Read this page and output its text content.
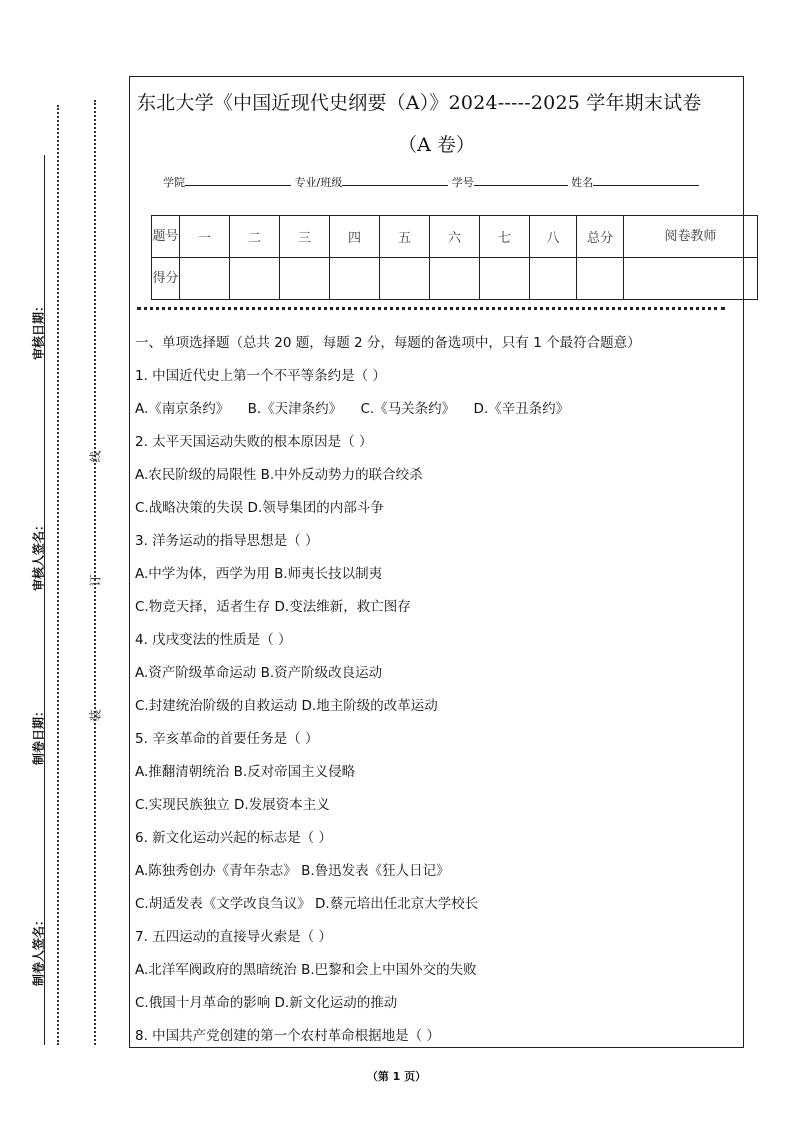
审核日期：
审核人签名：
制卷日期：
制卷人签名：
线
订
装
东北大学《中国近现代史纲要（A）》2024-----2025 学年期末试卷
（A 卷）
学院	专业/班级	学号	姓名
题号	一	二	三	四	五	六	七	八	总分	阅卷教师
得分										
一、单项选择题（总共 20 题，每题 2 分，每题的备选项中，只有 1 个最符合题意）
1. 中国近代史上第一个不平等条约是（ ）
A.《南京条约》 B.《天津条约》 C.《马关条约》 D.《辛丑条约》
2. 太平天国运动失败的根本原因是（ ）
A.农民阶级的局限性 B.中外反动势力的联合绞杀
C.战略决策的失误 D.领导集团的内部斗争
3. 洋务运动的指导思想是（ ）
A.中学为体，西学为用 B.师夷长技以制夷
C.物竞天择，适者生存 D.变法维新，救亡图存
4. 戊戌变法的性质是（ ）
A.资产阶级革命运动 B.资产阶级改良运动
C.封建统治阶级的自救运动 D.地主阶级的改革运动
5. 辛亥革命的首要任务是（ ）
A.推翻清朝统治 B.反对帝国主义侵略
C.实现民族独立 D.发展资本主义
6. 新文化运动兴起的标志是（ ）
A.陈独秀创办《青年杂志》 B.鲁迅发表《狂人日记》
C.胡适发表《文学改良刍议》 D.蔡元培出任北京大学校长
7. 五四运动的直接导火索是（ ）
A.北洋军阀政府的黑暗统治 B.巴黎和会上中国外交的失败
C.俄国十月革命的影响 D.新文化运动的推动
8. 中国共产党创建的第一个农村革命根据地是（ ）
（第 1 页）
